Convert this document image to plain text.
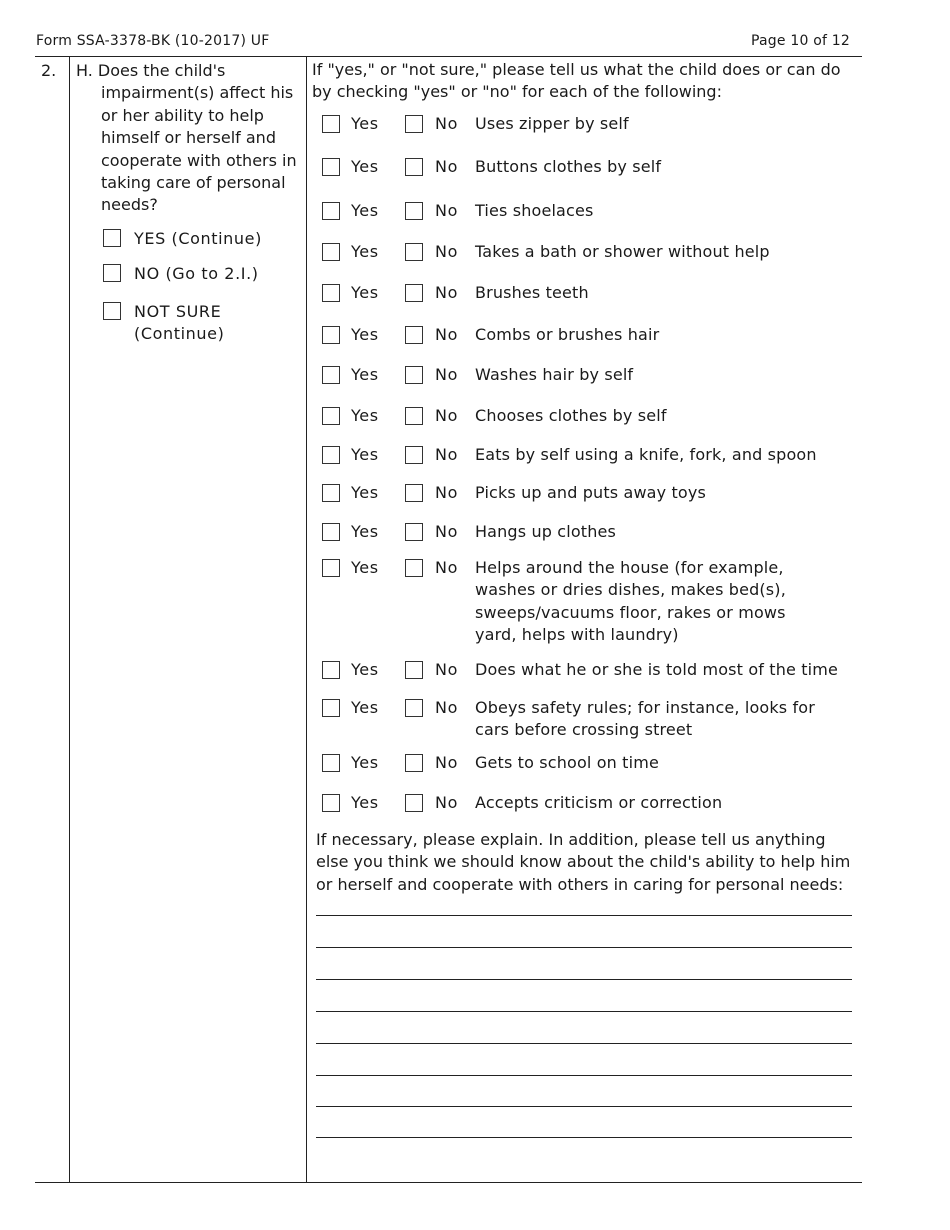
Form SSA-3378-BK (10-2017) UF	Page 10 of 12
2. H. Does the child's impairment(s) affect his or her ability to help himself or herself and cooperate with others in taking care of personal needs?
YES (Continue)
NO (Go to 2.I.)
NOT SURE (Continue)
If "yes," or "not sure," please tell us what the child does or can do by checking "yes" or "no" for each of the following:
Yes	No Uses zipper by self
Yes	No Buttons clothes by self
Yes	No Ties shoelaces
Yes	No Takes a bath or shower without help
Yes	No Brushes teeth
Yes	No Combs or brushes hair
Yes	No Washes hair by self
Yes	No Chooses clothes by self
Yes	No Eats by self using a knife, fork, and spoon
Yes	No Picks up and puts away toys
Yes	No Hangs up clothes
Yes	No Helps around the house (for example, washes or dries dishes, makes bed(s), sweeps/vacuums floor, rakes or mows yard, helps with laundry)
Yes	No Does what he or she is told most of the time
Yes	No Obeys safety rules; for instance, looks for cars before crossing street
Yes	No Gets to school on time
Yes	No Accepts criticism or correction
If necessary, please explain. In addition, please tell us anything else you think we should know about the child's ability to help him or herself and cooperate with others in caring for personal needs:
